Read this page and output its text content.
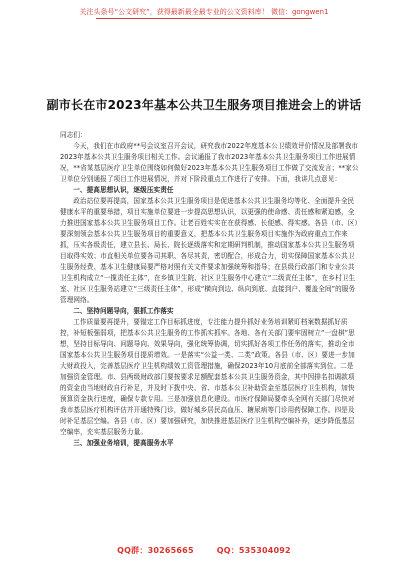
关注头条号“公文研究”，获得最新最全最专业的公文资料库！ 微信：gongwen1
副市长在市2023年基本公共卫生服务项目推进会上的讲话

同志们：

今天，我们在市政府**号会议室召开会议，研究我市2022年度基本公卫绩效评价情况及部署我市2023年基本公共卫生服务项目相关工作。会议通报了我市2023年基本公共卫生服务项目工作进展情况，**省某基层医疗卫生单位围绕如何做好2023年基本公共卫生服务项目工作做了交流发言；**家公卫单位分别通报了项目工作进展情况，并对下阶段重点工作进行了安排。下面，我讲几点意见：

一、提高思想认识，逐级压实责任

政治站位要再提高，国家基本公共卫生服务项目是促进基本公共卫生服务均等化、全面提升全民健康水平的重要举措，项目实施单位要进一步提高思想认识，以更强的使命感、责任感和紧迫感，全力推进国家基本公共卫生服务项目工作。让老百姓实实在在获得感、长便感、得实感。各县（市、区）要深刻领会基本公共卫生服务项目的重要意义，把基本公共卫生服务项目实施作为政府重点工作来抓，压实各级责任，建立县长、局长、院长逐级落实和定期研判机制，推动国家基本公共卫生服务项目取得实效；市直相关单位要各司其职、各尽其责，密切配合，形成合力，切实保障国家基本公共卫生服务经费、基本卫生健康局要严格对照有关文件要求加强统筹和指导；在县级行政部门和专业公共卫生机构成立“一揽责任主体”，在乡镇卫生院、社区卫生服务中心建立“二级责任主体”，在乡村卫生室、社区卫生服务站建立“三级责任主体”，形成“横向到边、纵向到底、直接到户、覆盖全间”的服务管理网络。

二、坚持问题导向，狠抓工作落实

工作质量要再提升，要锚定工作目标抓进度，专注能力提升抓好业务培训紧盯档案数据抓好质控，补短板强弱项，把基本公共卫生服务的工作抓实抓牢。各地、各有关部门要牢固树立“一盘棋”思想，坚持目标导向、问题导向、效果导向，强化统筹协调，切实抓好各项工作任务的落实，推动全市国家基本公共卫生服务项目提质增效。一是落实“公益一类、二类”政策。各县（市、区）要进一步加大财政投入，完善基层医疗卫生机构绩效工资管理措施，确保2023年10月底前全部落实到位。二是加强资金管理。市、县两级财政部门要按要求足额配套基本公共卫生服务资金，其中因排名扣调款项的资金由当地财政自行补足，并及时下拨中央、省、市基本公卫补助资金至基层医疗卫生机构，加快预算资金执行进度，确保专款专用。三是加强信息化建设。市医疗保障局要牵头全网有关部门尽快对我市基层医疗机构评估并开通特殊门诊，做好城乡居民高血压、糖尿病等门诊用药保障工作。四是及时补足基层空编。各县（市、区）要加强研究，加快推进基层医疗卫生机构空编补养，逐步降低基层空编率，充实基层服务力量。

三、加强业务培训，提高服务水平

QQ群：30265665	QQ：535304092
